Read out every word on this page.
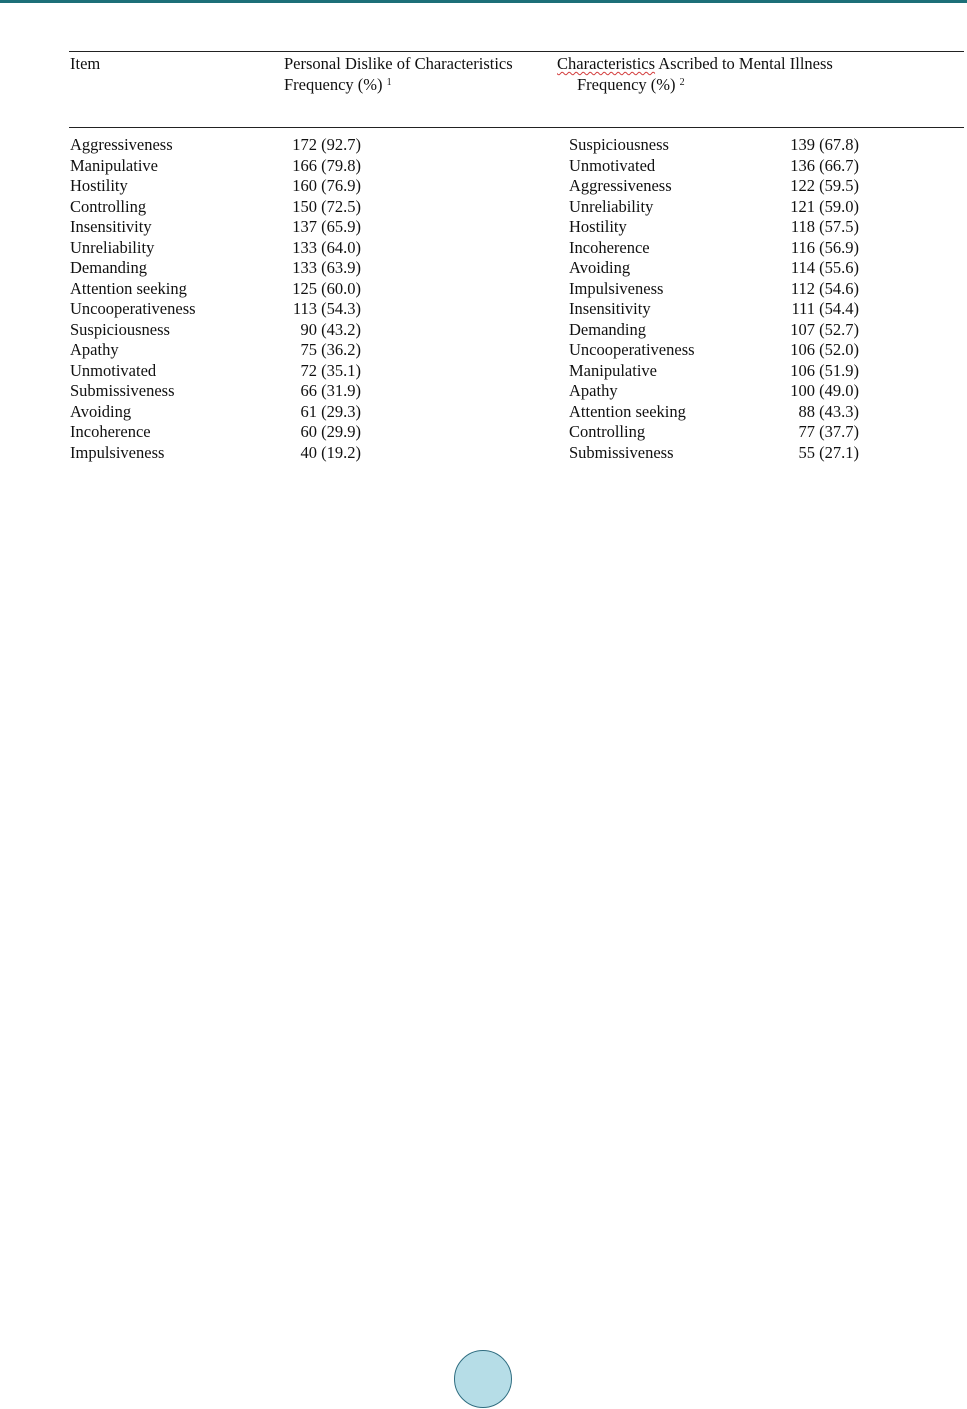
Item	Personal Dislike of Characteristics
Frequency (%) $^1$
Characteristics Ascribed to Mental Illness
Frequency (%) $^2$
Aggressiveness	172 (92.7)	Suspiciousness	139 (67.8)
Manipulative	166 (79.8)	Unmotivated	136 (66.7)
Hostility	160 (76.9)	Aggressiveness	122 (59.5)
Controlling	150 (72.5)	Unreliability	121 (59.0)
Insensitivity	137 (65.9)	Hostility	118 (57.5)
Unreliability	133 (64.0)	Incoherence	116 (56.9)
Demanding	133 (63.9)	Avoiding	114 (55.6)
Attention seeking	125 (60.0)	Impulsiveness	112 (54.6)
Uncooperativeness	113 (54.3)	Insensitivity	111 (54.4)
Suspiciousness	90 (43.2)	Demanding	107 (52.7)
Apathy	75 (36.2)	Uncooperativeness	106 (52.0)
Unmotivated	72 (35.1)	Manipulative	106 (51.9)
Submissiveness	66 (31.9)	Apathy	100 (49.0)
Avoiding	61 (29.3)	Attention seeking	88 (43.3)
Incoherence	60 (29.9)	Controlling	77 (37.7)
Impulsiveness	40 (19.2)	Submissiveness	55 (27.1)
